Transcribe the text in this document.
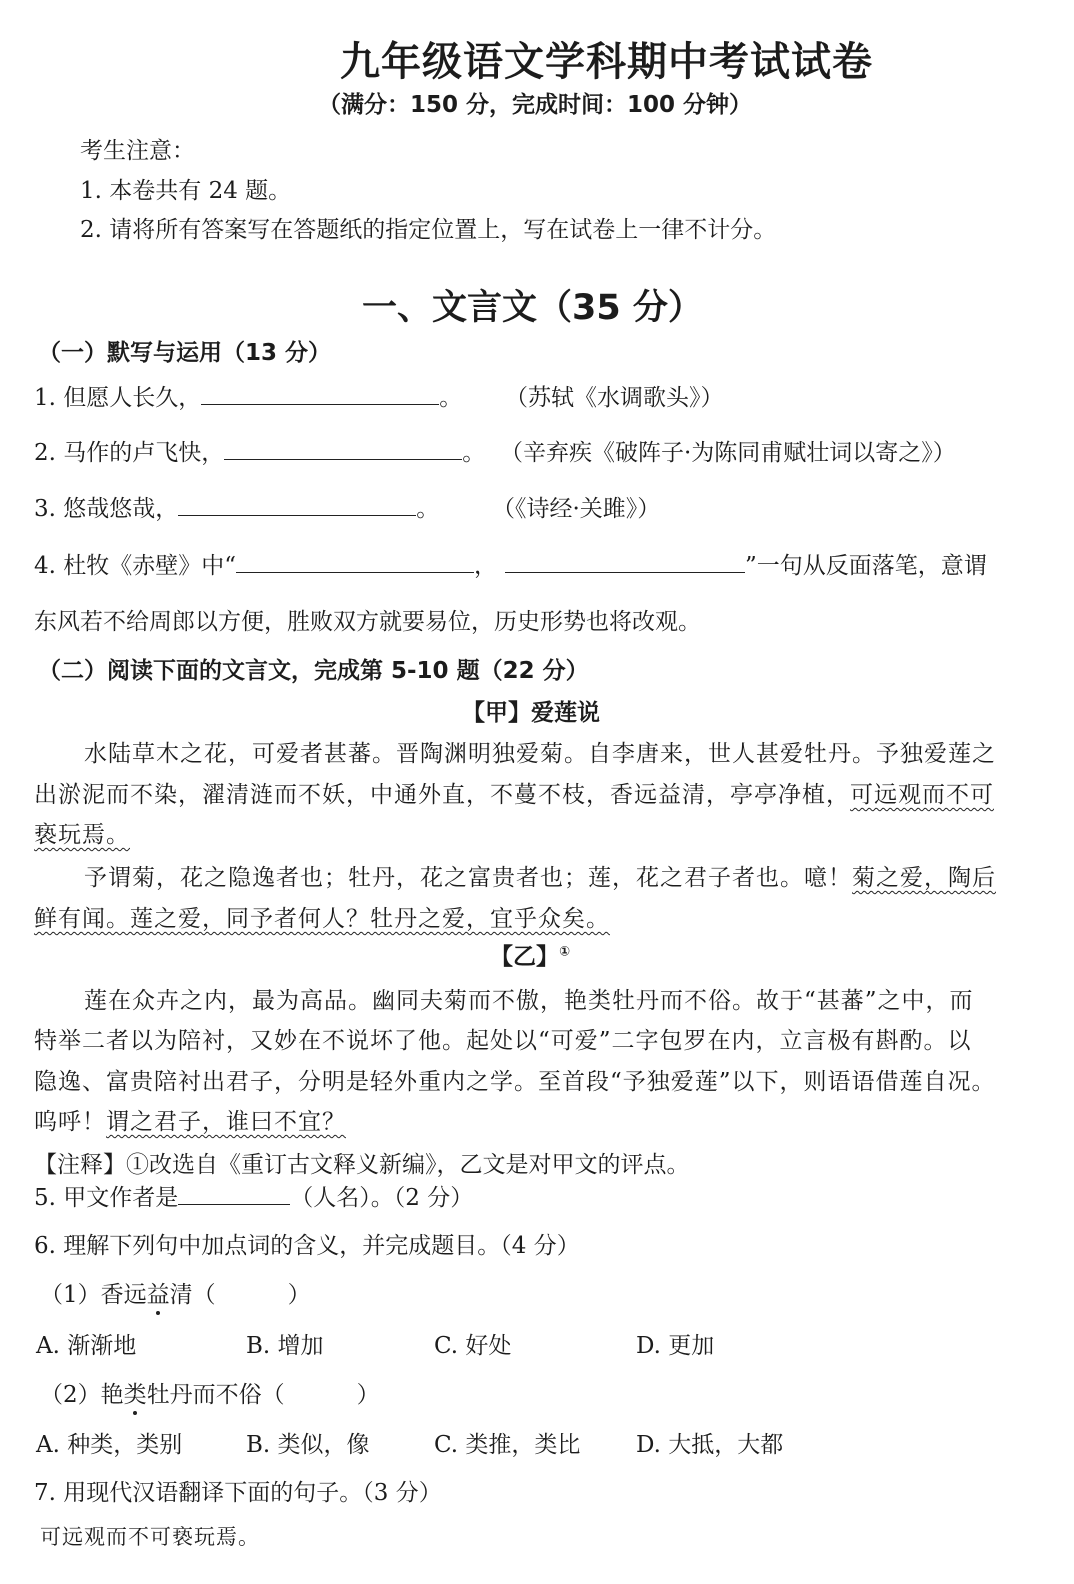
九年级语文学科期中考试试卷
（满分：150 分，完成时间：100 分钟）
考生注意：
1. 本卷共有 24 题。
2. 请将所有答案写在答题纸的指定位置上，写在试卷上一律不计分。
一、文言文（35 分）
（一）默写与运用（13 分）
1. 但愿人长久，	。 （苏轼《水调歌头》）
2. 马作的卢飞快，	。 （辛弃疾《破阵子·为陈同甫赋壮词以寄之》）
3. 悠哉悠哉，	。 （《诗经·关雎》）
4. 杜牧《赤壁》中“	，	”一句从反面落笔，意谓
东风若不给周郎以方便，胜败双方就要易位，历史形势也将改观。
（二）阅读下面的文言文，完成第 5-10 题（22 分）
【甲】爱莲说
水陆草木之花，可爱者甚蕃。晋陶渊明独爱菊。自李唐来，世人甚爱牡丹。予独爱莲之
出淤泥而不染，濯清涟而不妖，中通外直，不蔓不枝，香远益清，亭亭净植，可远观而不可
亵玩焉。
予谓菊，花之隐逸者也；牡丹，花之富贵者也；莲，花之君子者也。噫！菊之爱，陶后
鲜有闻。莲之爱，同予者何人？牡丹之爱，宜乎众矣。
【乙】①
莲在众卉之内，最为高品。幽同夫菊而不傲，艳类牡丹而不俗。故于“甚蕃”之中，而
特举二者以为陪衬，又妙在不说坏了他。起处以“可爱”二字包罗在内，立言极有斟酌。以
隐逸、富贵陪衬出君子，分明是轻外重内之学。至首段“予独爱莲”以下，则语语借莲自况。
呜呼！谓之君子，谁曰不宜？
【注释】①改选自《重订古文释义新编》，乙文是对甲文的评点。
5. 甲文作者是	（人名）。（2 分）
6. 理解下列句中加点词的含义，并完成题目。（4 分）
（1）香远益清（	）
A. 渐渐地	B. 增加	C. 好处	D. 更加
（2）艳类牡丹而不俗（	）
A. 种类，类别	B. 类似，像	C. 类推，类比 D. 大抵，大都
7. 用现代汉语翻译下面的句子。（3 分）
可远观而不可亵玩焉。
